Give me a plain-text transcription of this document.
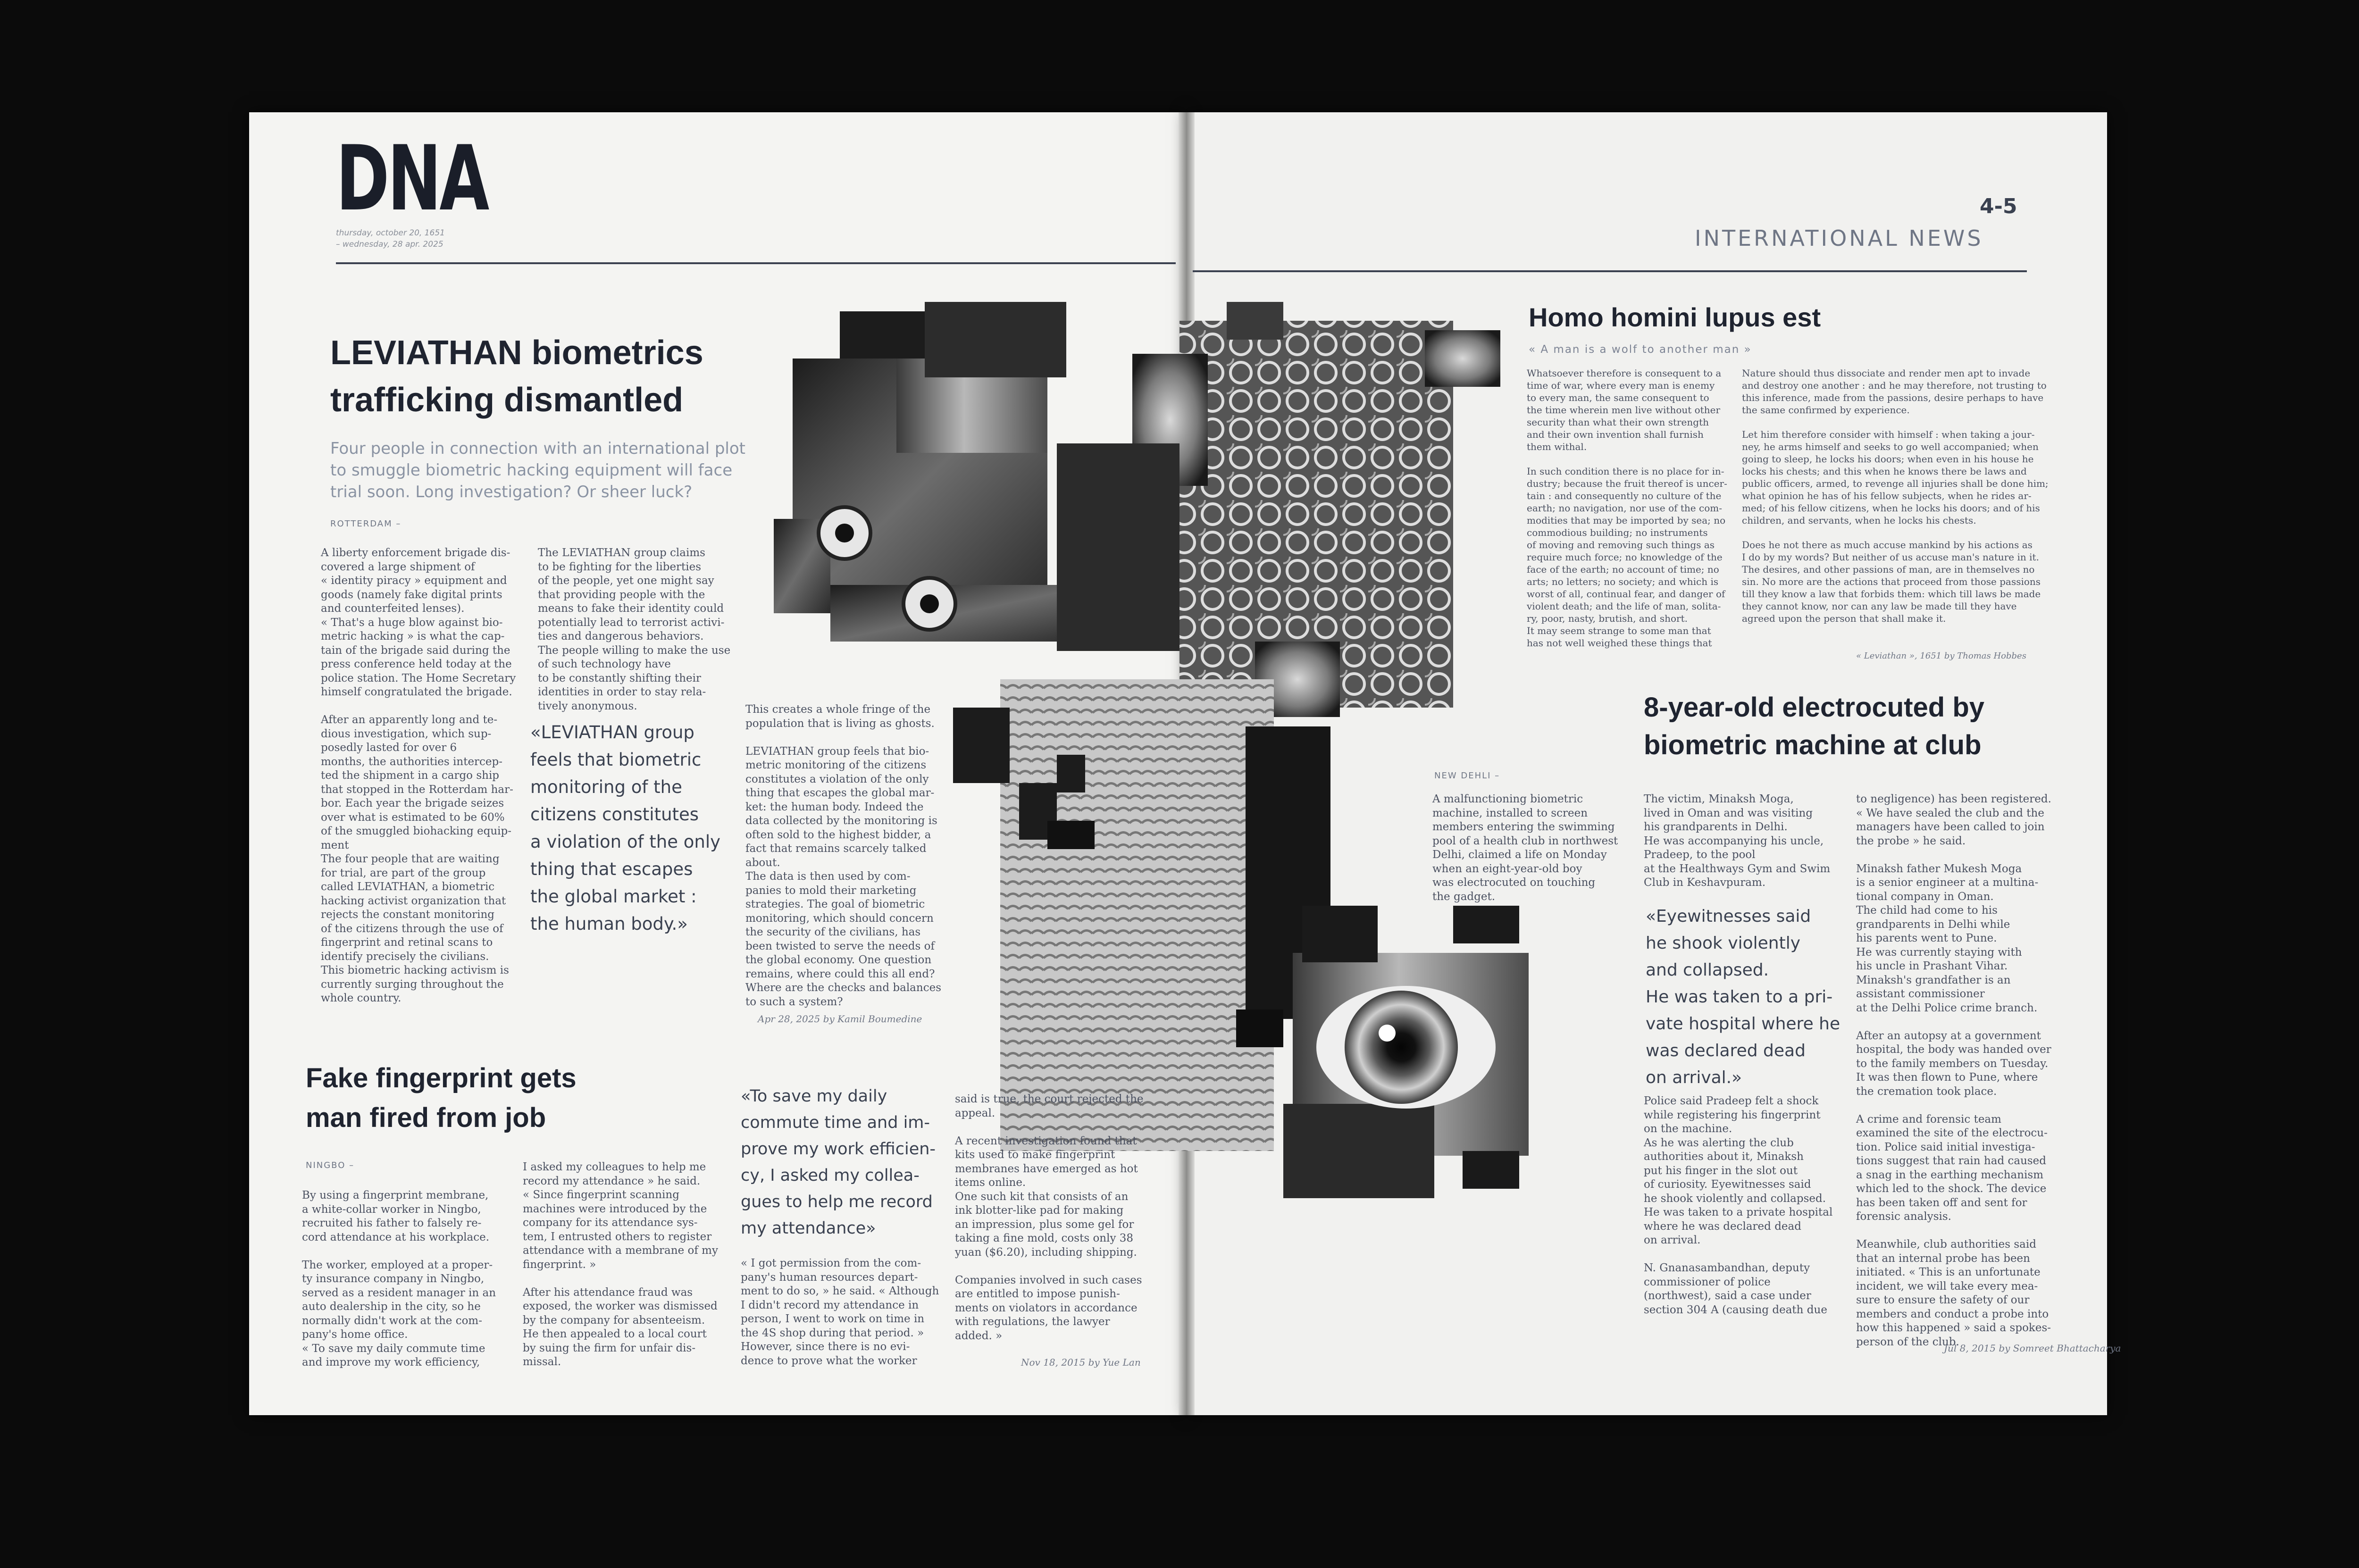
DNA
thursday, october 20, 1651
– wednesday, 28 apr. 2025
4-5
INTERNATIONAL NEWS
LEVIATHAN biometrics
trafficking dismantled
Four people in connection with an international plot
to smuggle biometric hacking equipment will face
trial soon. Long investigation? Or sheer luck?
ROTTERDAM –
A liberty enforcement brigade dis-
covered a large shipment of
« identity piracy » equipment and
goods (namely fake digital prints
and counterfeited lenses).
« That's a huge blow against bio-
metric hacking » is what the cap-
tain of the brigade said during the
press conference held today at the
police station. The Home Secretary
himself congratulated the brigade.

After an apparently long and te-
dious investigation, which sup-
posedly lasted for over 6
months, the authorities intercep-
ted the shipment in a cargo ship
that stopped in the Rotterdam har-
bor. Each year the brigade seizes
over what is estimated to be 60%
of the smuggled biohacking equip-
ment
The four people that are waiting
for trial, are part of the group
called LEVIATHAN, a biometric
hacking activist organization that
rejects the constant monitoring
of the citizens through the use of
fingerprint and retinal scans to
identify precisely the civilians.
This biometric hacking activism is
currently surging throughout the
whole country.
The LEVIATHAN group claims
to be fighting for the liberties
of the people, yet one might say
that providing people with the
means to fake their identity could
potentially lead to terrorist activi-
ties and dangerous behaviors.
The people willing to make the use
of such technology have
to be constantly shifting their
identities in order to stay rela-
tively anonymous.
«LEVIATHAN group
feels that biometric
monitoring of the
citizens constitutes
a violation of the only
thing that escapes
the global market :
the human body.»
This creates a whole fringe of the
population that is living as ghosts.

LEVIATHAN group feels that bio-
metric monitoring of the citizens
constitutes a violation of the only
thing that escapes the global mar-
ket: the human body. Indeed the
data collected by the monitoring is
often sold to the highest bidder, a
fact that remains scarcely talked
about.
The data is then used by com-
panies to mold their marketing
strategies. The goal of biometric
monitoring, which should concern
the security of the civilians, has
been twisted to serve the needs of
the global economy. One question
remains, where could this all end?
Where are the checks and balances
to such a system?
Apr 28, 2025 by Kamil Boumedine
Fake fingerprint gets
man fired from job
NINGBO –
By using a fingerprint membrane,
a white-collar worker in Ningbo,
recruited his father to falsely re-
cord attendance at his workplace.

The worker, employed at a proper-
ty insurance company in Ningbo,
served as a resident manager in an
auto dealership in the city, so he
normally didn't work at the com-
pany's home office.
« To save my daily commute time
and improve my work efficiency,
I asked my colleagues to help me
record my attendance » he said.
« Since fingerprint scanning
machines were introduced by the
company for its attendance sys-
tem, I entrusted others to register
attendance with a membrane of my
fingerprint. »

After his attendance fraud was
exposed, the worker was dismissed
by the company for absenteeism.
He then appealed to a local court
by suing the firm for unfair dis-
missal.
«To save my daily
commute time and im-
prove my work efficien-
cy, I asked my collea-
gues to help me record
my attendance»
« I got permission from the com-
pany's human resources depart-
ment to do so, » he said. « Although
I didn't record my attendance in
person, I went to work on time in
the 4S shop during that period. »
However, since there is no evi-
dence to prove what the worker
said is true, the court rejected the
appeal.

A recent investigation found that
kits used to make fingerprint
membranes have emerged as hot
items online.
One such kit that consists of an
ink blotter-like pad for making
an impression, plus some gel for
taking a fine mold, costs only 38
yuan ($6.20), including shipping.

Companies involved in such cases
are entitled to impose punish-
ments on violators in accordance
with regulations, the lawyer
added. »
Nov 18, 2015 by Yue Lan
Homo homini lupus est
« A man is a wolf to another man »
Whatsoever therefore is consequent to a
time of war, where every man is enemy
to every man, the same consequent to
the time wherein men live without other
security than what their own strength
and their own invention shall furnish
them withal.

In such condition there is no place for in-
dustry; because the fruit thereof is uncer-
tain : and consequently no culture of the
earth; no navigation, nor use of the com-
modities that may be imported by sea; no
commodious building; no instruments
of moving and removing such things as
require much force; no knowledge of the
face of the earth; no account of time; no
arts; no letters; no society; and which is
worst of all, continual fear, and danger of
violent death; and the life of man, solita-
ry, poor, nasty, brutish, and short.
It may seem strange to some man that
has not well weighed these things that
Nature should thus dissociate and render men apt to invade
and destroy one another : and he may therefore, not trusting to
this inference, made from the passions, desire perhaps to have
the same confirmed by experience.

Let him therefore consider with himself : when taking a jour-
ney, he arms himself and seeks to go well accompanied; when
going to sleep, he locks his doors; when even in his house he
locks his chests; and this when he knows there be laws and
public officers, armed, to revenge all injuries shall be done him;
what opinion he has of his fellow subjects, when he rides ar-
med; of his fellow citizens, when he locks his doors; and of his
children, and servants, when he locks his chests.

Does he not there as much accuse mankind by his actions as
I do by my words? But neither of us accuse man's nature in it.
The desires, and other passions of man, are in themselves no
sin. No more are the actions that proceed from those passions
till they know a law that forbids them: which till laws be made
they cannot know, nor can any law be made till they have
agreed upon the person that shall make it.
« Leviathan », 1651 by Thomas Hobbes
8-year-old electrocuted by
biometric machine at club
NEW DEHLI –
A malfunctioning biometric
machine, installed to screen
members entering the swimming
pool of a health club in northwest
Delhi, claimed a life on Monday
when an eight-year-old boy
was electrocuted on touching
the gadget.
The victim, Minaksh Moga,
lived in Oman and was visiting
his grandparents in Delhi.
He was accompanying his uncle,
Pradeep, to the pool
at the Healthways Gym and Swim
Club in Keshavpuram.
«Eyewitnesses said
he shook violently
and collapsed.
He was taken to a pri-
vate hospital where he
was declared dead
on arrival.»
Police said Pradeep felt a shock
while registering his fingerprint
on the machine.
As he was alerting the club
authorities about it, Minaksh
put his finger in the slot out
of curiosity. Eyewitnesses said
he shook violently and collapsed.
He was taken to a private hospital
where he was declared dead
on arrival.

N. Gnanasambandhan, deputy
commissioner of police
(northwest), said a case under
section 304 A (causing death due
to negligence) has been registered.
« We have sealed the club and the
managers have been called to join
the probe » he said.

Minaksh father Mukesh Moga
is a senior engineer at a multina-
tional company in Oman.
The child had come to his
grandparents in Delhi while
his parents went to Pune.
He was currently staying with
his uncle in Prashant Vihar.
Minaksh's grandfather is an
assistant commissioner
at the Delhi Police crime branch.

After an autopsy at a government
hospital, the body was handed over
to the family members on Tuesday.
It was then flown to Pune, where
the cremation took place.

A crime and forensic team
examined the site of the electrocu-
tion. Police said initial investiga-
tions suggest that rain had caused
a snag in the earthing mechanism
which led to the shock. The device
has been taken off and sent for
forensic analysis.

Meanwhile, club authorities said
that an internal probe has been
initiated. « This is an unfortunate
incident, we will take every mea-
sure to ensure the safety of our
members and conduct a probe into
how this happened » said a spokes-
person of the club.
Jul 8, 2015 by Somreet Bhattacharya
